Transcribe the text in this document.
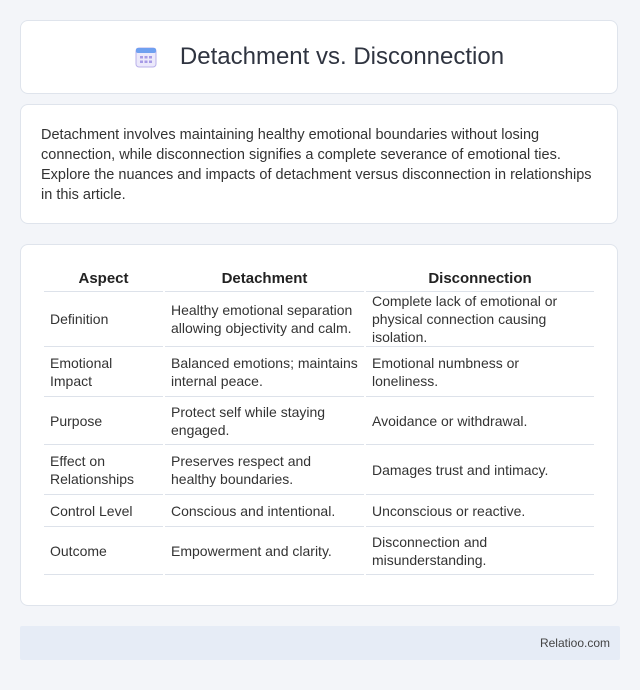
Detachment vs. Disconnection

Detachment involves maintaining healthy emotional boundaries without losing connection, while disconnection signifies a complete severance of emotional ties. Explore the nuances and impacts of detachment versus disconnection in relationships in this article.

Aspect	Detachment	Disconnection
Definition	Healthy emotional separation allowing objectivity and calm.	Complete lack of emotional or physical connection causing isolation.
Emotional Impact	Balanced emotions; maintains internal peace.	Emotional numbness or loneliness.
Purpose	Protect self while staying engaged.	Avoidance or withdrawal.
Effect on Relationships	Preserves respect and healthy boundaries.	Damages trust and intimacy.
Control Level	Conscious and intentional.	Unconscious or reactive.
Outcome	Empowerment and clarity.	Disconnection and misunderstanding.
Relatioo.com
